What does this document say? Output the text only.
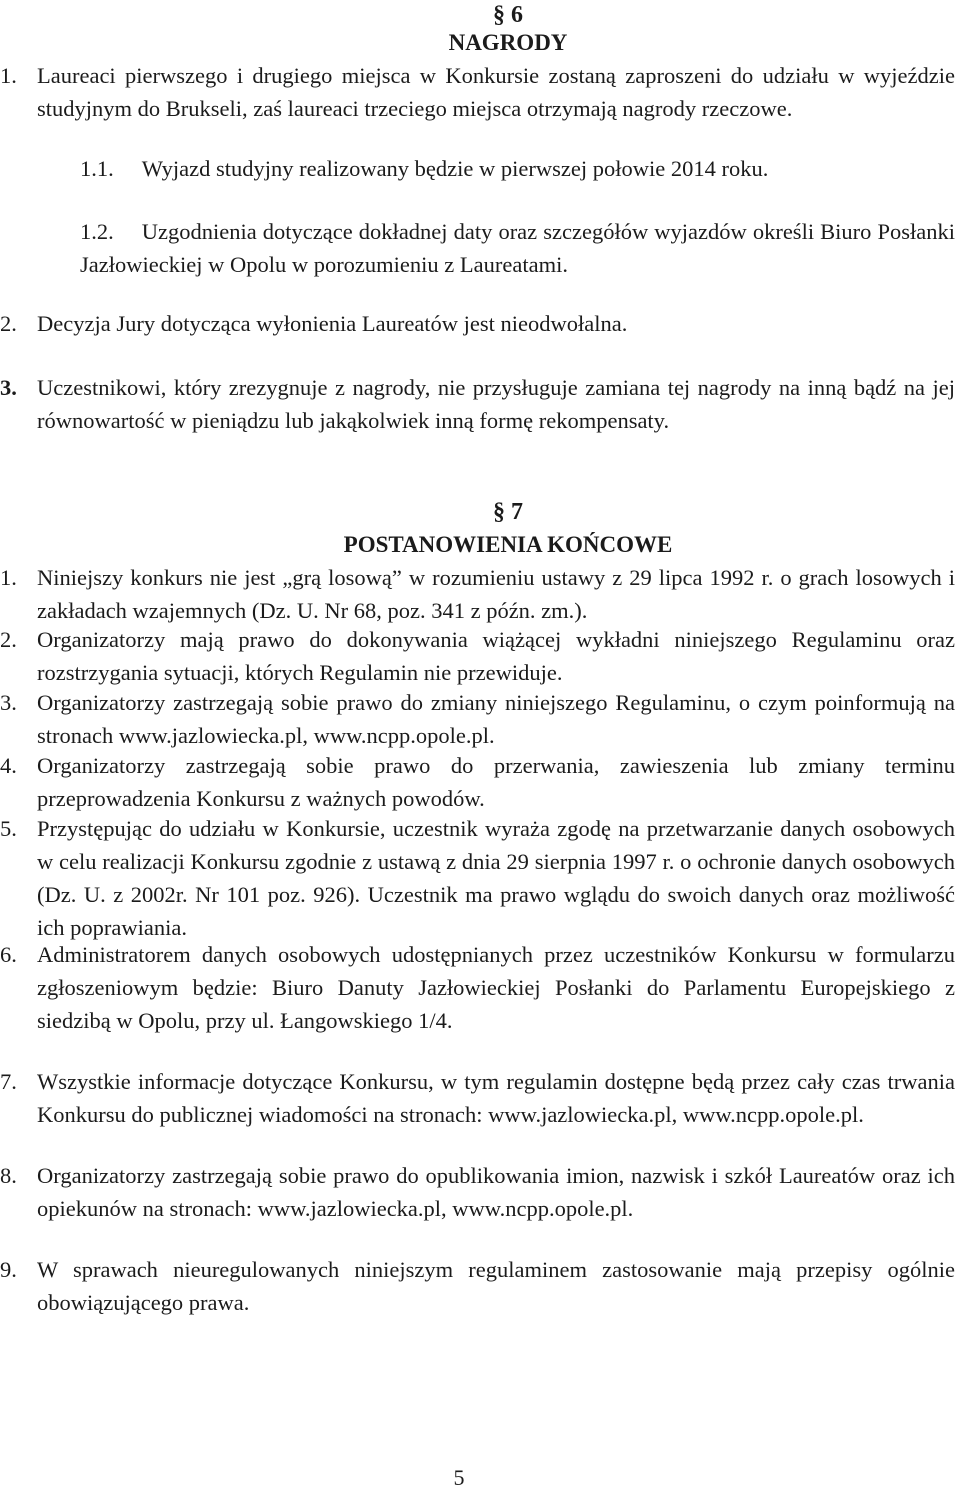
§ 6
NAGRODY
1. Laureaci pierwszego i drugiego miejsca w Konkursie zostaną zaproszeni do udziału w wyjeździe studyjnym do Brukseli, zaś laureaci trzeciego miejsca otrzymają nagrody rzeczowe.
1.1. Wyjazd studyjny realizowany będzie w pierwszej połowie 2014 roku.
1.2. Uzgodnienia dotyczące dokładnej daty oraz szczegółów wyjazdów określi Biuro Posłanki Jazłowieckiej w Opolu w porozumieniu z Laureatami.
2. Decyzja Jury dotycząca wyłonienia Laureatów jest nieodwołalna.
3. Uczestnikowi, który zrezygnuje z nagrody, nie przysługuje zamiana tej nagrody na inną bądź na jej równowartość w pieniądzu lub jakąkolwiek inną formę rekompensaty.
§ 7
POSTANOWIENIA KOŃCOWE
1. Niniejszy konkurs nie jest „grą losową” w rozumieniu ustawy z 29 lipca 1992 r. o grach losowych i zakładach wzajemnych (Dz. U. Nr 68, poz. 341 z późn. zm.).
2. Organizatorzy mają prawo do dokonywania wiążącej wykładni niniejszego Regulaminu oraz rozstrzygania sytuacji, których Regulamin nie przewiduje.
3. Organizatorzy zastrzegają sobie prawo do zmiany niniejszego Regulaminu, o czym poinformują na stronach www.jazlowiecka.pl, www.ncpp.opole.pl.
4. Organizatorzy zastrzegają sobie prawo do przerwania, zawieszenia lub zmiany terminu przeprowadzenia Konkursu z ważnych powodów.
5. Przystępując do udziału w Konkursie, uczestnik wyraża zgodę na przetwarzanie danych osobowych w celu realizacji Konkursu zgodnie z ustawą z dnia 29 sierpnia 1997 r. o ochronie danych osobowych (Dz. U. z 2002r. Nr 101 poz. 926). Uczestnik ma prawo wglądu do swoich danych oraz możliwość ich poprawiania.
6. Administratorem danych osobowych udostępnianych przez uczestników Konkursu w formularzu zgłoszeniowym będzie: Biuro Danuty Jazłowieckiej Posłanki do Parlamentu Europejskiego z siedzibą w Opolu, przy ul. Łangowskiego 1/4.
7. Wszystkie informacje dotyczące Konkursu, w tym regulamin dostępne będą przez cały czas trwania Konkursu do publicznej wiadomości na stronach: www.jazlowiecka.pl, www.ncpp.opole.pl.
8. Organizatorzy zastrzegają sobie prawo do opublikowania imion, nazwisk i szkół Laureatów oraz ich opiekunów na stronach: www.jazlowiecka.pl, www.ncpp.opole.pl.
9. W sprawach nieuregulowanych niniejszym regulaminem zastosowanie mają przepisy ogólnie obowiązującego prawa.
5
